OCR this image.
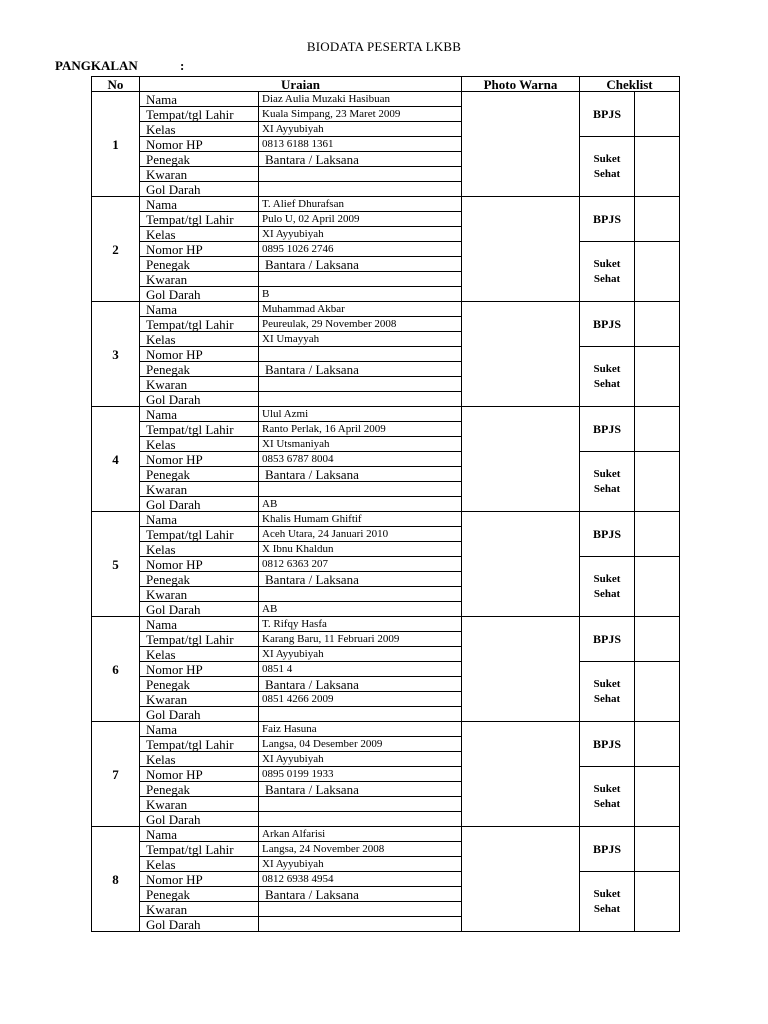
BIODATA PESERTA LKBB
PANGKALAN	:
No	Uraian		Photo Warna	Cheklist	
1	Nama	Diaz Aulia Muzaki Hasibuan		BPJS	
	Tempat/tgl Lahir	Kuala Simpang, 23 Maret 2009			
	Kelas	XI Ayyubiyah			
	Nomor HP	0813 6188 1361		Suket
Sehat	

	Penegak	Bantara / Laksana			
	Kwaran				
	Gol Darah				
2	Nama	T. Alief Dhurafsan		BPJS	
	Tempat/tgl Lahir	Pulo U, 02 April 2009			
	Kelas	XI Ayyubiyah			
	Nomor HP	0895 1026 2746		Suket
Sehat	

	Penegak	Bantara / Laksana			
	Kwaran				
	Gol Darah	B			
3	Nama	Muhammad Akbar		BPJS	
	Tempat/tgl Lahir	Peureulak, 29 November 2008			
	Kelas	XI Umayyah			
	Nomor HP			Suket
Sehat	

	Penegak	Bantara / Laksana			
	Kwaran				
	Gol Darah				
4	Nama	Ulul Azmi		BPJS	
	Tempat/tgl Lahir	Ranto Perlak, 16 April 2009			
	Kelas	XI Utsmaniyah			
	Nomor HP	0853 6787 8004		Suket
Sehat	

	Penegak	Bantara / Laksana			
	Kwaran				
	Gol Darah	AB			
5	Nama	Khalis Humam Ghiftif		BPJS	
	Tempat/tgl Lahir	Aceh Utara, 24 Januari 2010			
	Kelas	X Ibnu Khaldun			
	Nomor HP	0812 6363 207		Suket
Sehat	

	Penegak	Bantara / Laksana			
	Kwaran				
	Gol Darah	AB			
6	Nama	T. Rifqy Hasfa		BPJS	
	Tempat/tgl Lahir	Karang Baru, 11 Februari 2009			
	Kelas	XI Ayyubiyah			
	Nomor HP	0851 4		Suket
Sehat	

	Penegak	Bantara / Laksana			
	Kwaran	0851 4266 2009			
	Gol Darah				
7	Nama	Faiz Hasuna		BPJS	
	Tempat/tgl Lahir	Langsa, 04 Desember 2009			
	Kelas	XI Ayyubiyah			
	Nomor HP	0895 0199 1933		Suket
Sehat	

	Penegak	Bantara / Laksana			
	Kwaran				
	Gol Darah				
8	Nama	Arkan Alfarisi		BPJS	
	Tempat/tgl Lahir	Langsa, 24 November 2008			
	Kelas	XI Ayyubiyah			
	Nomor HP	0812 6938 4954		Suket
Sehat	

	Penegak	Bantara / Laksana			
	Kwaran				
	Gol Darah				
